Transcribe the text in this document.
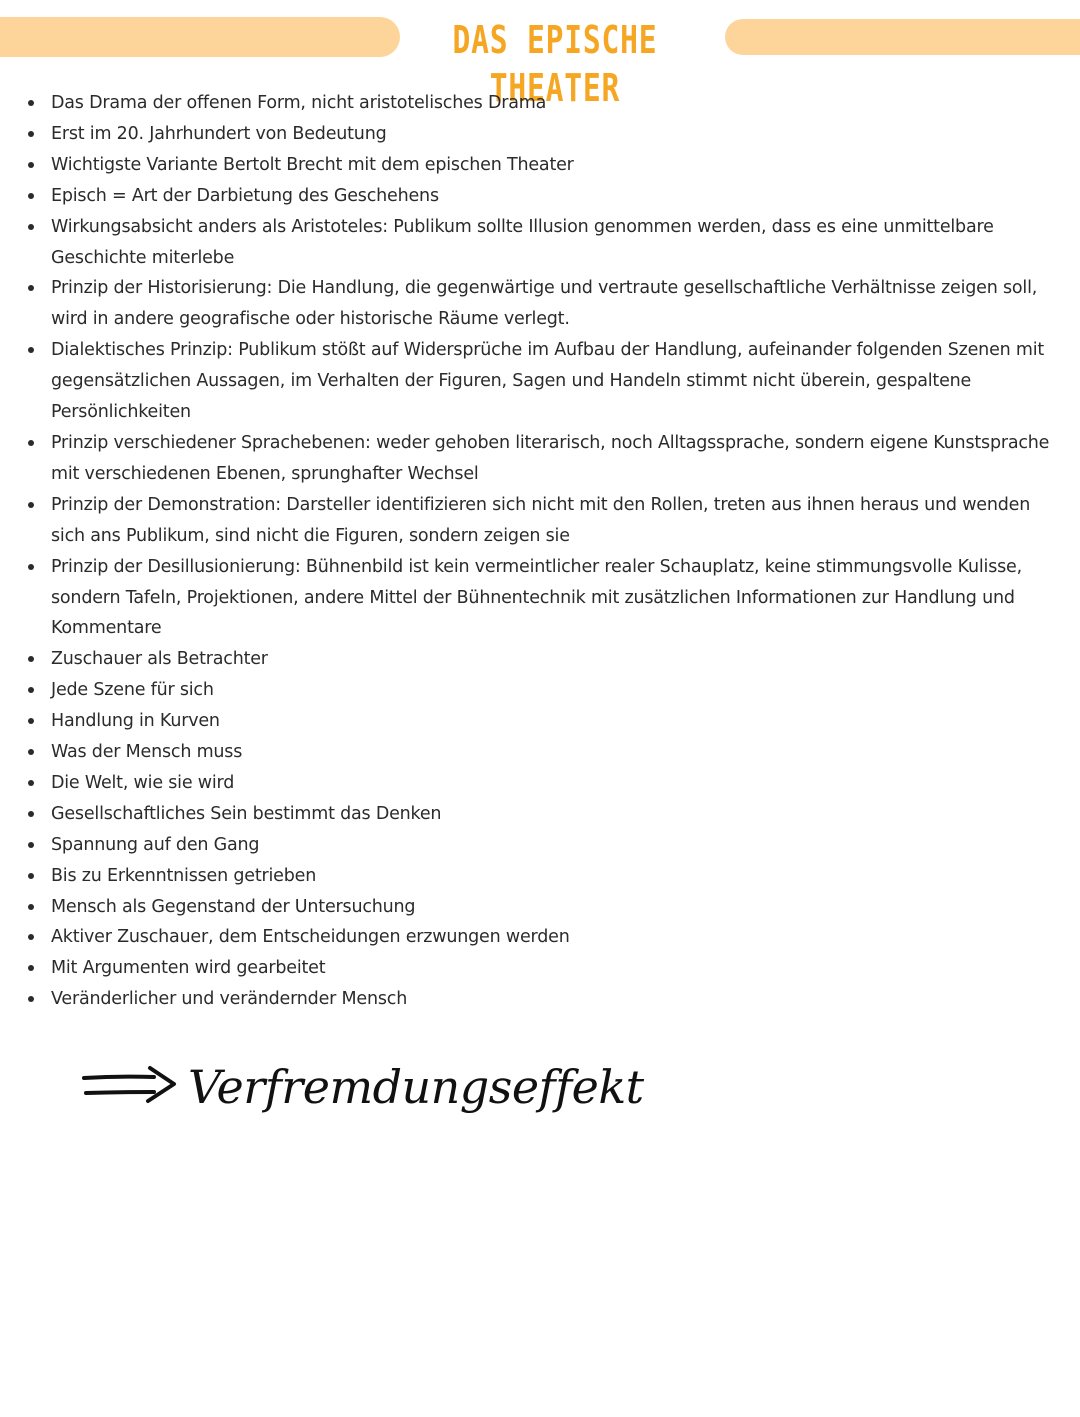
DAS EPISCHE THEATER
Das Drama der offenen Form, nicht aristotelisches Drama
Erst im 20. Jahrhundert von Bedeutung
Wichtigste Variante Bertolt Brecht mit dem epischen Theater
Episch = Art der Darbietung des Geschehens
Wirkungsabsicht anders als Aristoteles: Publikum sollte Illusion genommen werden, dass es eine unmittelbare Geschichte miterlebe
Prinzip der Historisierung: Die Handlung, die gegenwärtige und vertraute gesellschaftliche Verhältnisse zeigen soll, wird in andere geografische oder historische Räume verlegt.
Dialektisches Prinzip: Publikum stößt auf Widersprüche im Aufbau der Handlung, aufeinander folgenden Szenen mit gegensätzlichen Aussagen, im Verhalten der Figuren, Sagen und Handeln stimmt nicht überein, gespaltene Persönlichkeiten
Prinzip verschiedener Sprachebenen: weder gehoben literarisch, noch Alltagssprache, sondern eigene Kunstsprache mit verschiedenen Ebenen, sprunghafter Wechsel
Prinzip der Demonstration: Darsteller identifizieren sich nicht mit den Rollen, treten aus ihnen heraus und wenden sich ans Publikum, sind nicht die Figuren, sondern zeigen sie
Prinzip der Desillusionierung: Bühnenbild ist kein vermeintlicher realer Schauplatz, keine stimmungsvolle Kulisse, sondern Tafeln, Projektionen, andere Mittel der Bühnentechnik mit zusätzlichen Informationen zur Handlung und Kommentare
Zuschauer als Betrachter
Jede Szene für sich
Handlung in Kurven
Was der Mensch muss
Die Welt, wie sie wird
Gesellschaftliches Sein bestimmt das Denken
Spannung auf den Gang
Bis zu Erkenntnissen getrieben
Mensch als Gegenstand der Untersuchung
Aktiver Zuschauer, dem Entscheidungen erzwungen werden
Mit Argumenten wird gearbeitet
Veränderlicher und verändernder Mensch
Verfremdungseffekt
